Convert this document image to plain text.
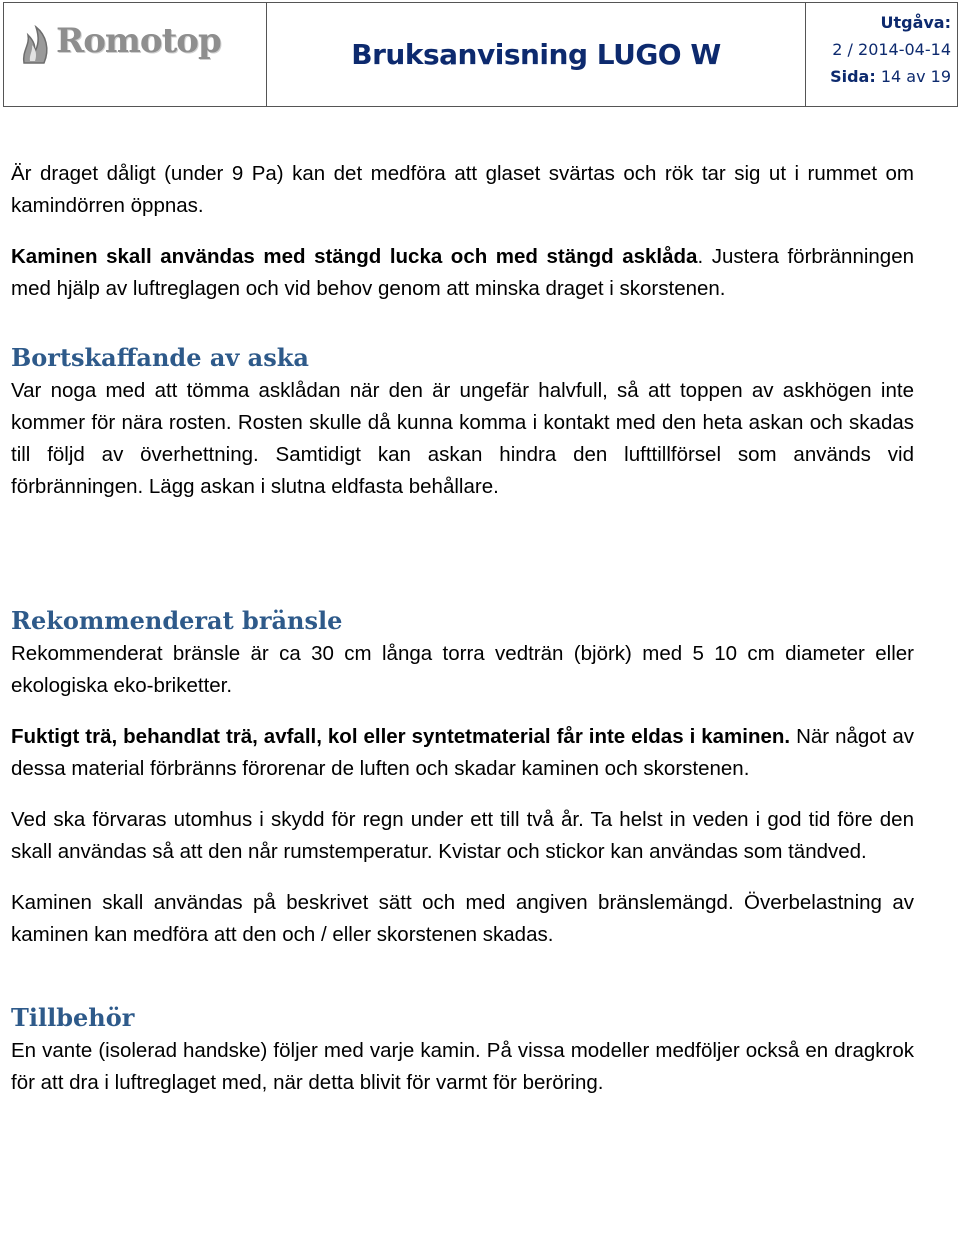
Romotop	Bruksanvisning LUGO W
Utgåva:
2 / 2014-04-14
Sida: 14 av 19

Är draget dåligt (under 9 Pa) kan det medföra att glaset svärtas och rök tar sig ut i rummet om kamindörren öppnas.

Kaminen skall användas med stängd lucka och med stängd asklåda. Justera förbränningen med hjälp av luftreglagen och vid behov genom att minska draget i skorstenen.

Bortskaffande av aska

Var noga med att tömma asklådan när den är ungefär halvfull, så att toppen av askhögen inte kommer för nära rosten. Rosten skulle då kunna komma i kontakt med den heta askan och skadas till följd av överhettning. Samtidigt kan askan hindra den lufttillförsel som används vid förbränningen. Lägg askan i slutna eldfasta behållare.

Rekommenderat bränsle

Rekommenderat bränsle är ca 30 cm långa torra vedträn (björk) med 5 10 cm diameter eller ekologiska eko-briketter.

Fuktigt trä, behandlat trä, avfall, kol eller syntetmaterial får inte eldas i kaminen. När något av dessa material förbränns förorenar de luften och skadar kaminen och skorstenen.

Ved ska förvaras utomhus i skydd för regn under ett till två år. Ta helst in veden i god tid före den skall användas så att den når rumstemperatur. Kvistar och stickor kan användas som tändved.

Kaminen skall användas på beskrivet sätt och med angiven bränslemängd. Överbelastning av kaminen kan medföra att den och / eller skorstenen skadas.

Tillbehör

En vante (isolerad handske) följer med varje kamin. På vissa modeller medföljer också en dragkrok för att dra i luftreglaget med, när detta blivit för varmt för beröring.
